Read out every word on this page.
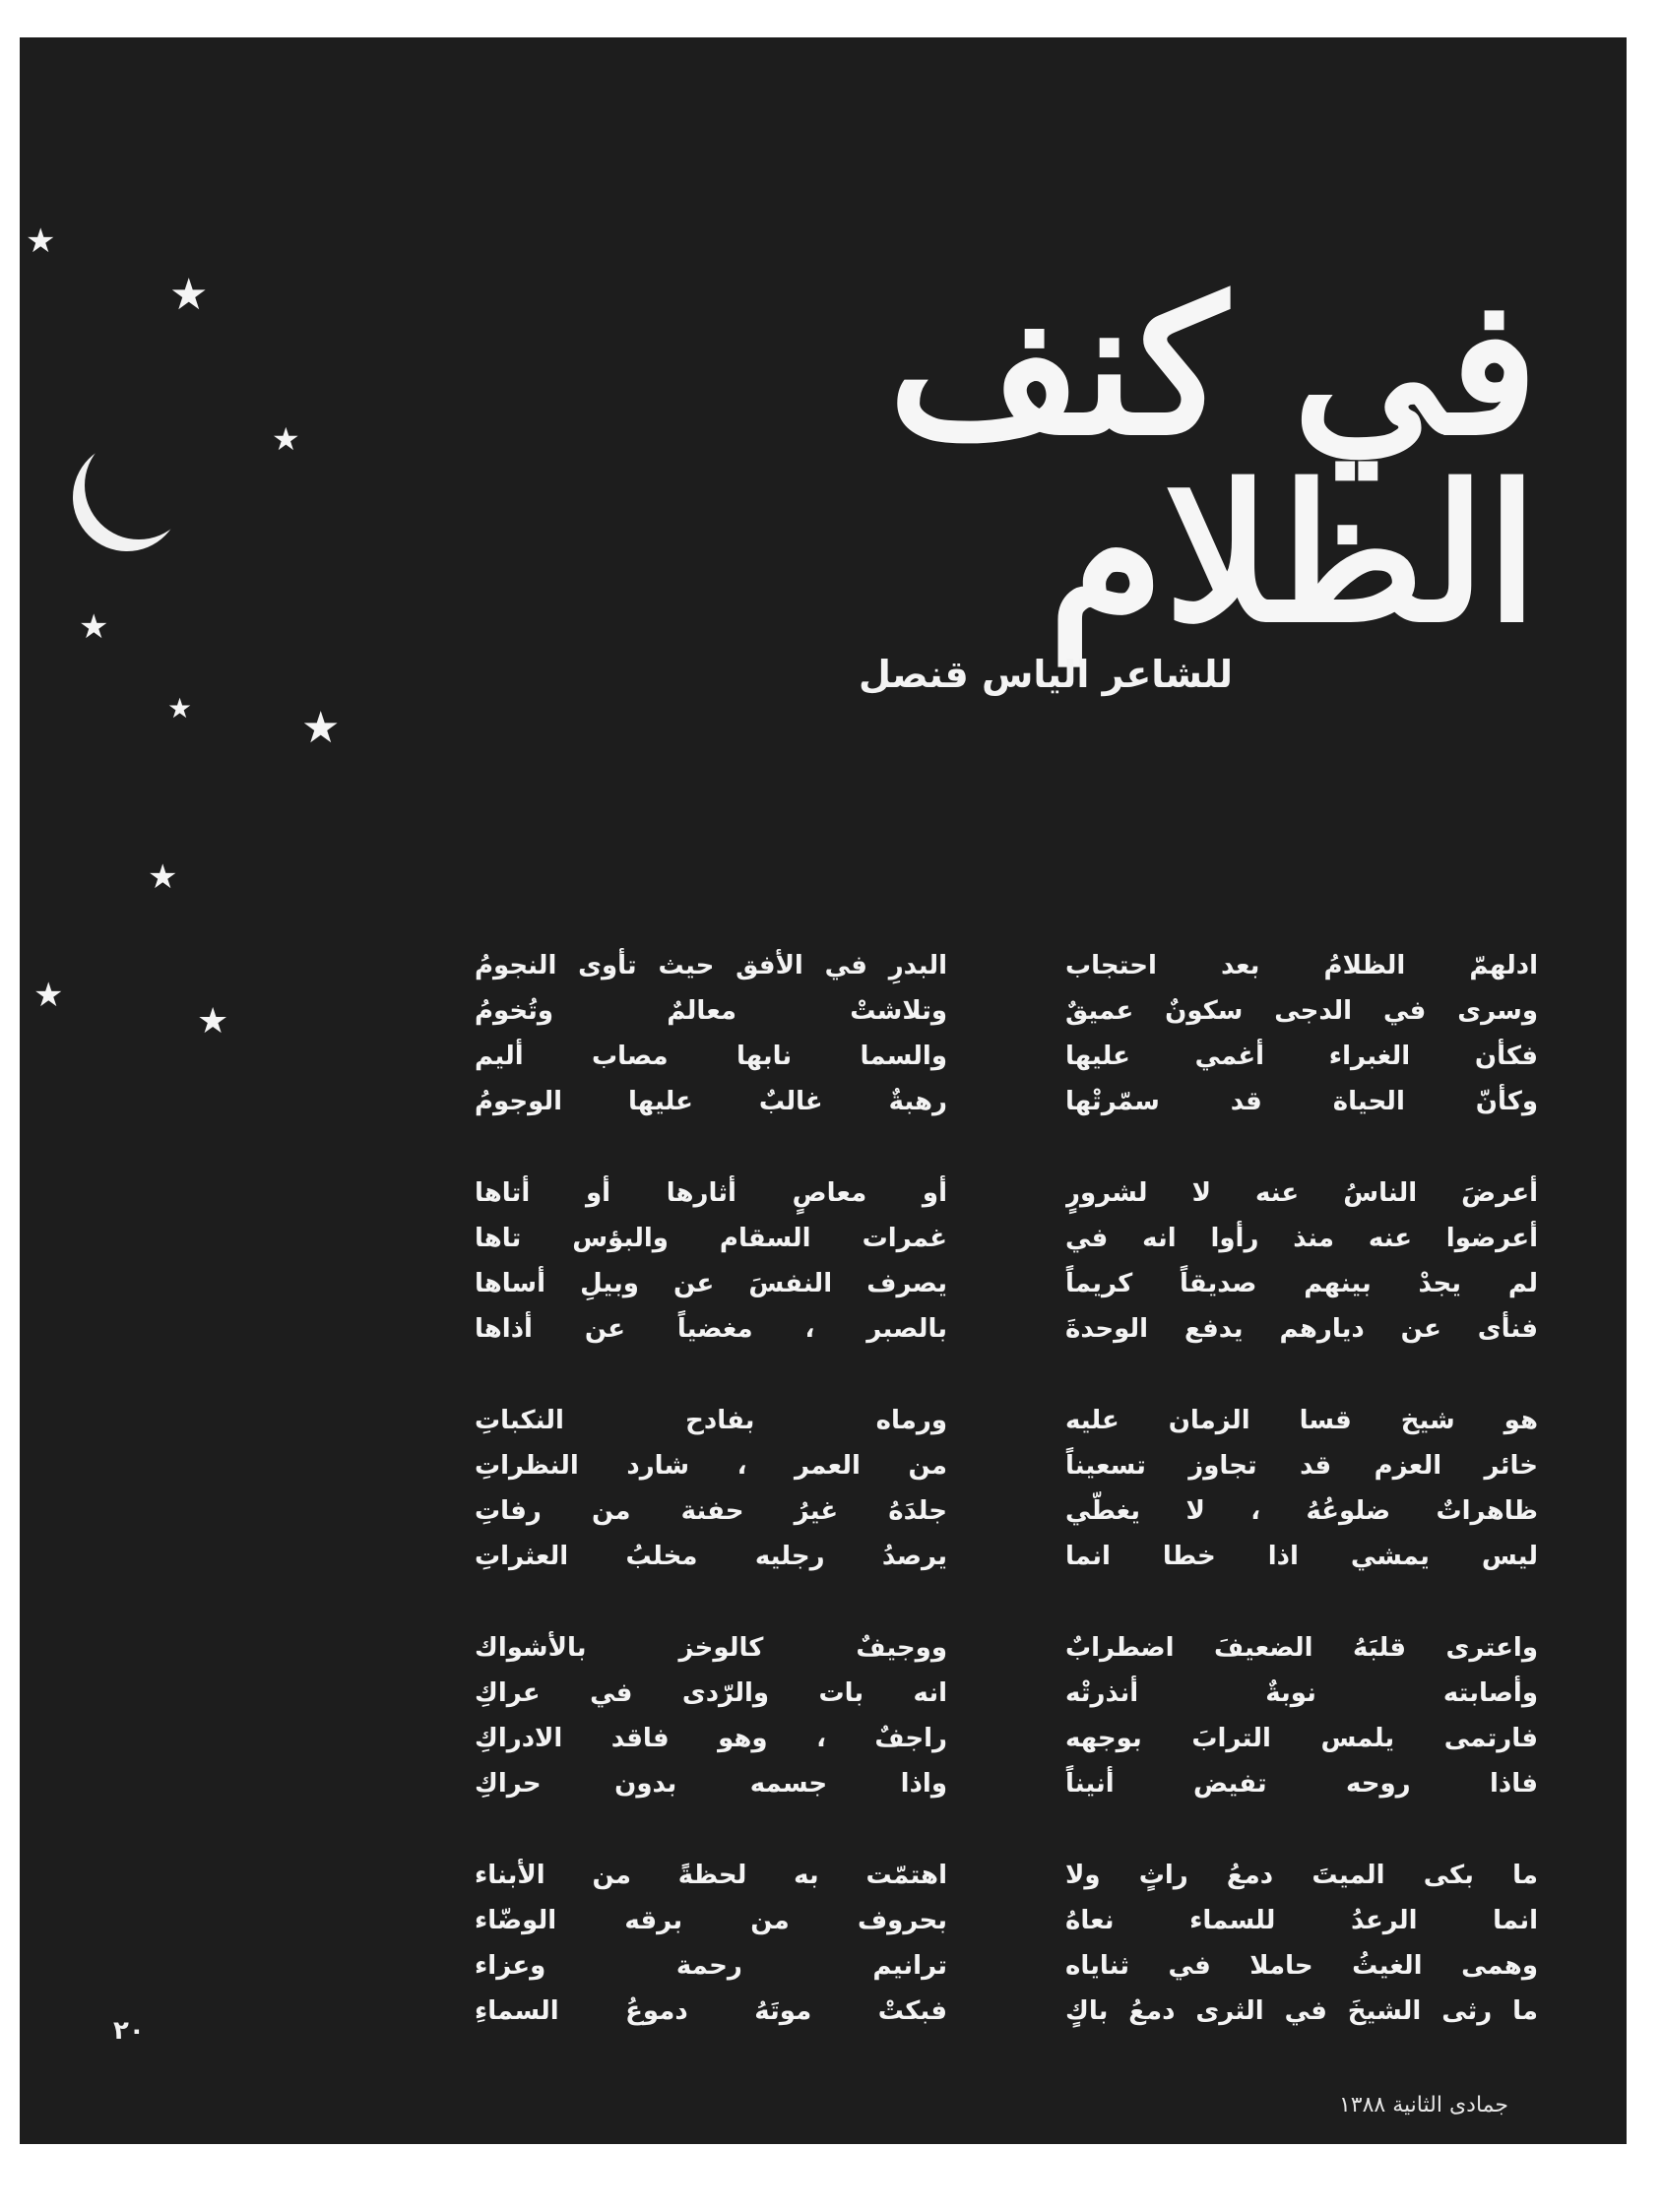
★
★
★
★
★	★
★
★
★
في كنف الظلام
للشاعر الياس قنصل
ادلهمّ الظلامُ بعد احتجاب
وسرى في الدجى سكونٌ عميقٌ
فكأن الغبراء أغمي عليها
وكأنّ الحياة قد سمّرتْها
البدرِ في الأفق حيث تأوى النجومُ
وتلاشتْ معالمٌ وتُخومُ
والسما نابها مصاب أليم
رهبةٌ غالبٌ عليها الوجومُ
أعرضَ الناسُ عنه لا لشرورٍ
أعرضوا عنه منذ رأوا انه في
لم يجدْ بينهم صديقاً كريماً
فنأى عن ديارهم يدفع الوحدةَ
أو معاصٍ أثارها أو أتاها
غمرات السقام والبؤس تاها
يصرف النفسَ عن وبيلِ أساها
بالصبر ، مغضياً عن أذاها
هو شيخ قسا الزمان عليه
خائر العزم قد تجاوز تسعيناً
ظاهراتٌ ضلوعُهُ ، لا يغطّي
ليس يمشي اذا خطا انما
ورماه بفادح النكباتِ
من العمر ، شارد النظراتِ
جلدَهُ غيرُ حفنة من رفاتِ
يرصدُ رجليه مخلبُ العثراتِ
واعترى قلبَهُ الضعيفَ اضطرابٌ
وأصابته نوبةٌ أنذرتْه
فارتمى يلمس الترابَ بوجهه
فاذا روحه تفيض أنيناً
ووجيفٌ كالوخز بالأشواك
انه بات والرّدى في عراكِ
راجفٌ ، وهو فاقد الادراكِ
واذا جسمه بدون حراكِ
ما بكى الميتَ دمعُ راثٍ ولا
انما الرعدُ للسماء نعاهُ
وهمى الغيثُ حاملا في ثناياه
ما رثى الشيخَ في الثرى دمعُ باكٍ
اهتمّت به لحظةً من الأبناء
بحروف من برقه الوضّاء
ترانيم رحمة وعزاء
فبكتْ موتَهُ دموعُ السماءِ
٢٠
جمادى الثانية ١٣٨٨
